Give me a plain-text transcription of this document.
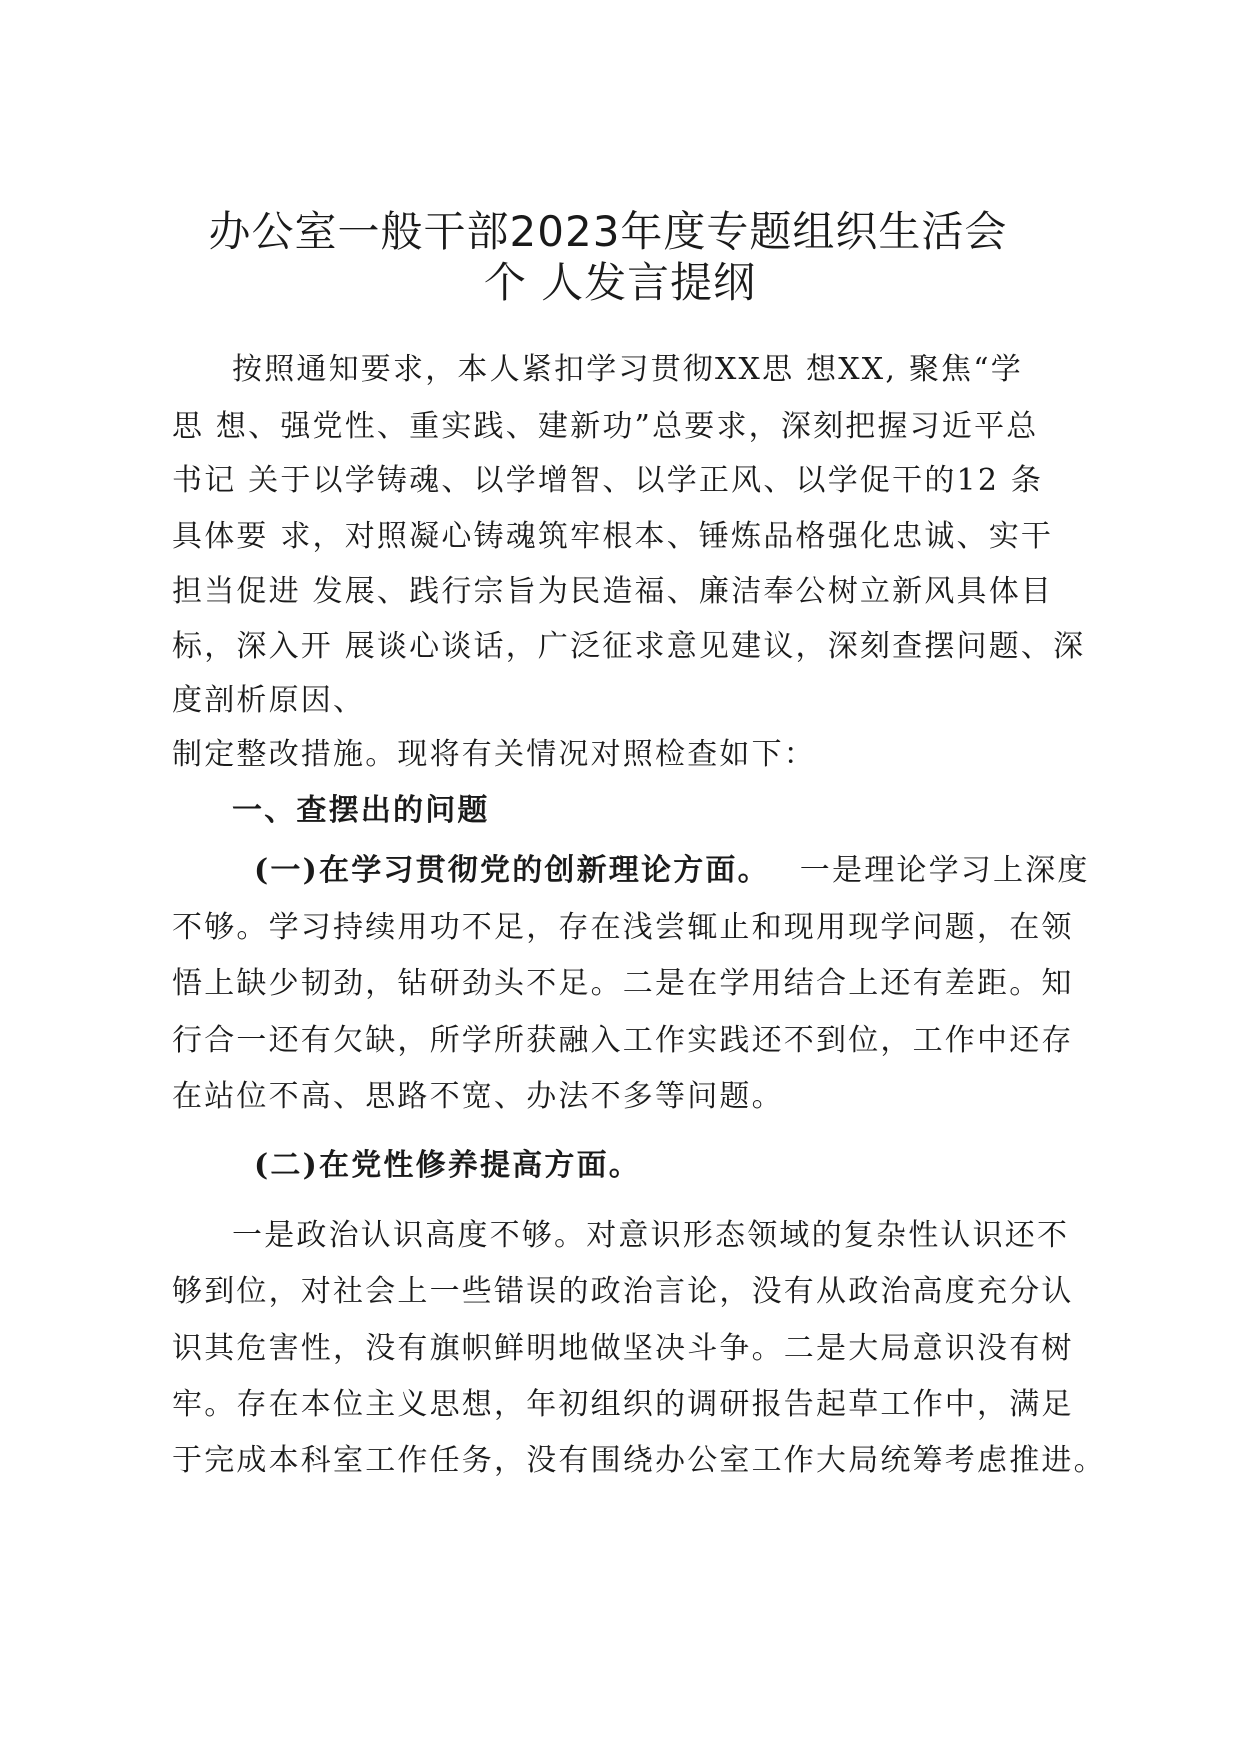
办公室一般干部2023年度专题组织生活会
个 人发言提纲

按照通知要求，本人紧扣学习贯彻XX思 想XX, 聚焦“学

思 想、强党性、重实践、建新功”总要求，深刻把握习近平总

书记 关于以学铸魂、以学增智、以学正风、以学促干的12 条

具体要 求，对照凝心铸魂筑牢根本、锤炼品格强化忠诚、实干

担当促进 发展、践行宗旨为民造福、廉洁奉公树立新风具体目

标，深入开 展谈心谈话，广泛征求意见建议，深刻查摆问题、深

度剖析原因、

制定整改措施。现将有关情况对照检查如下：

一、查摆出的问题

(一)在学习贯彻党的创新理论方面。 一是理论学习上深度

不够。学习持续用功不足，存在浅尝辄止和现用现学问题，在领

悟上缺少韧劲，钻研劲头不足。二是在学用结合上还有差距。知

行合一还有欠缺，所学所获融入工作实践还不到位，工作中还存

在站位不高、思路不宽、办法不多等问题。

(二)在党性修养提高方面。

一是政治认识高度不够。对意识形态领域的复杂性认识还不

够到位，对社会上一些错误的政治言论，没有从政治高度充分认

识其危害性，没有旗帜鲜明地做坚决斗争。二是大局意识没有树

牢。存在本位主义思想，年初组织的调研报告起草工作中，满足

于完成本科室工作任务，没有围绕办公室工作大局统筹考虑推进。
